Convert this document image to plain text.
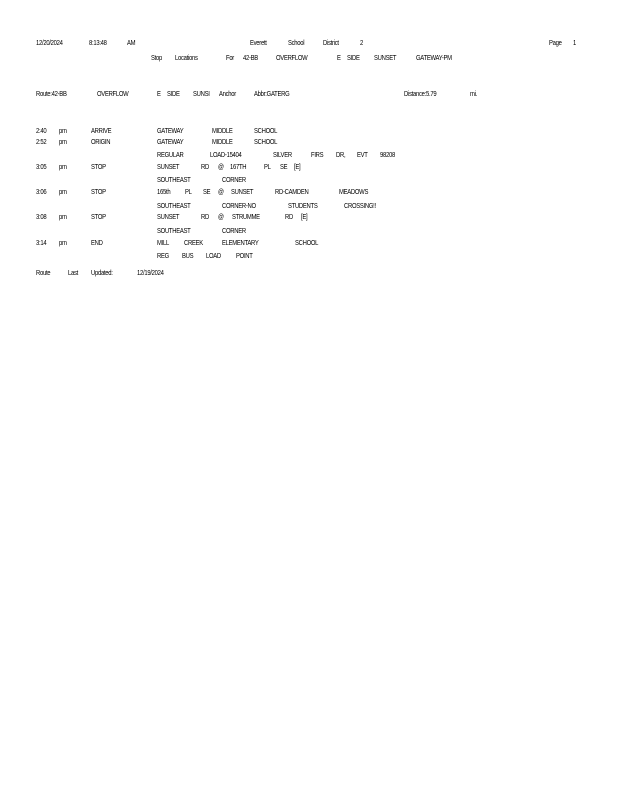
12/20/2024	8:13:48	AM	Everett	School	District	2	Page 1
Stop Locations	For 42-BB	OVERFLOW	E SIDE SUNSET	GATEWAY-PM
Route:42-BB	OVERFLOW	E SIDE SUNSI Anchor	Abbr:GATERG	Distance:5.79	mi.
2:40 pm	ARRIVE	GATEWAY	MIDDLE	SCHOOL
2:52 pm	ORIGIN	GATEWAY	MIDDLE	SCHOOL
REGULAR	LOAD-15404	SILVER	FIRS DR, EVT 98208
3:05 pm	STOP	SUNSET	RD @ 167TH PL SE [E]
SOUTHEAST	CORNER
3:06 pm	STOP	165th PL SE @ SUNSET	RD-CAMDEN	MEADOWS
SOUTHEAST	CORNER-NO	STUDENTS	CROSSING!!
3:08 pm	STOP	SUNSET	RD @ STRUMME	RD [E]
SOUTHEAST	CORNER
3:14 pm	END	MILL CREEK	ELEMENTARY	SCHOOL
REG BUS LOAD POINT
Route Last Updated:	12/19/2024
